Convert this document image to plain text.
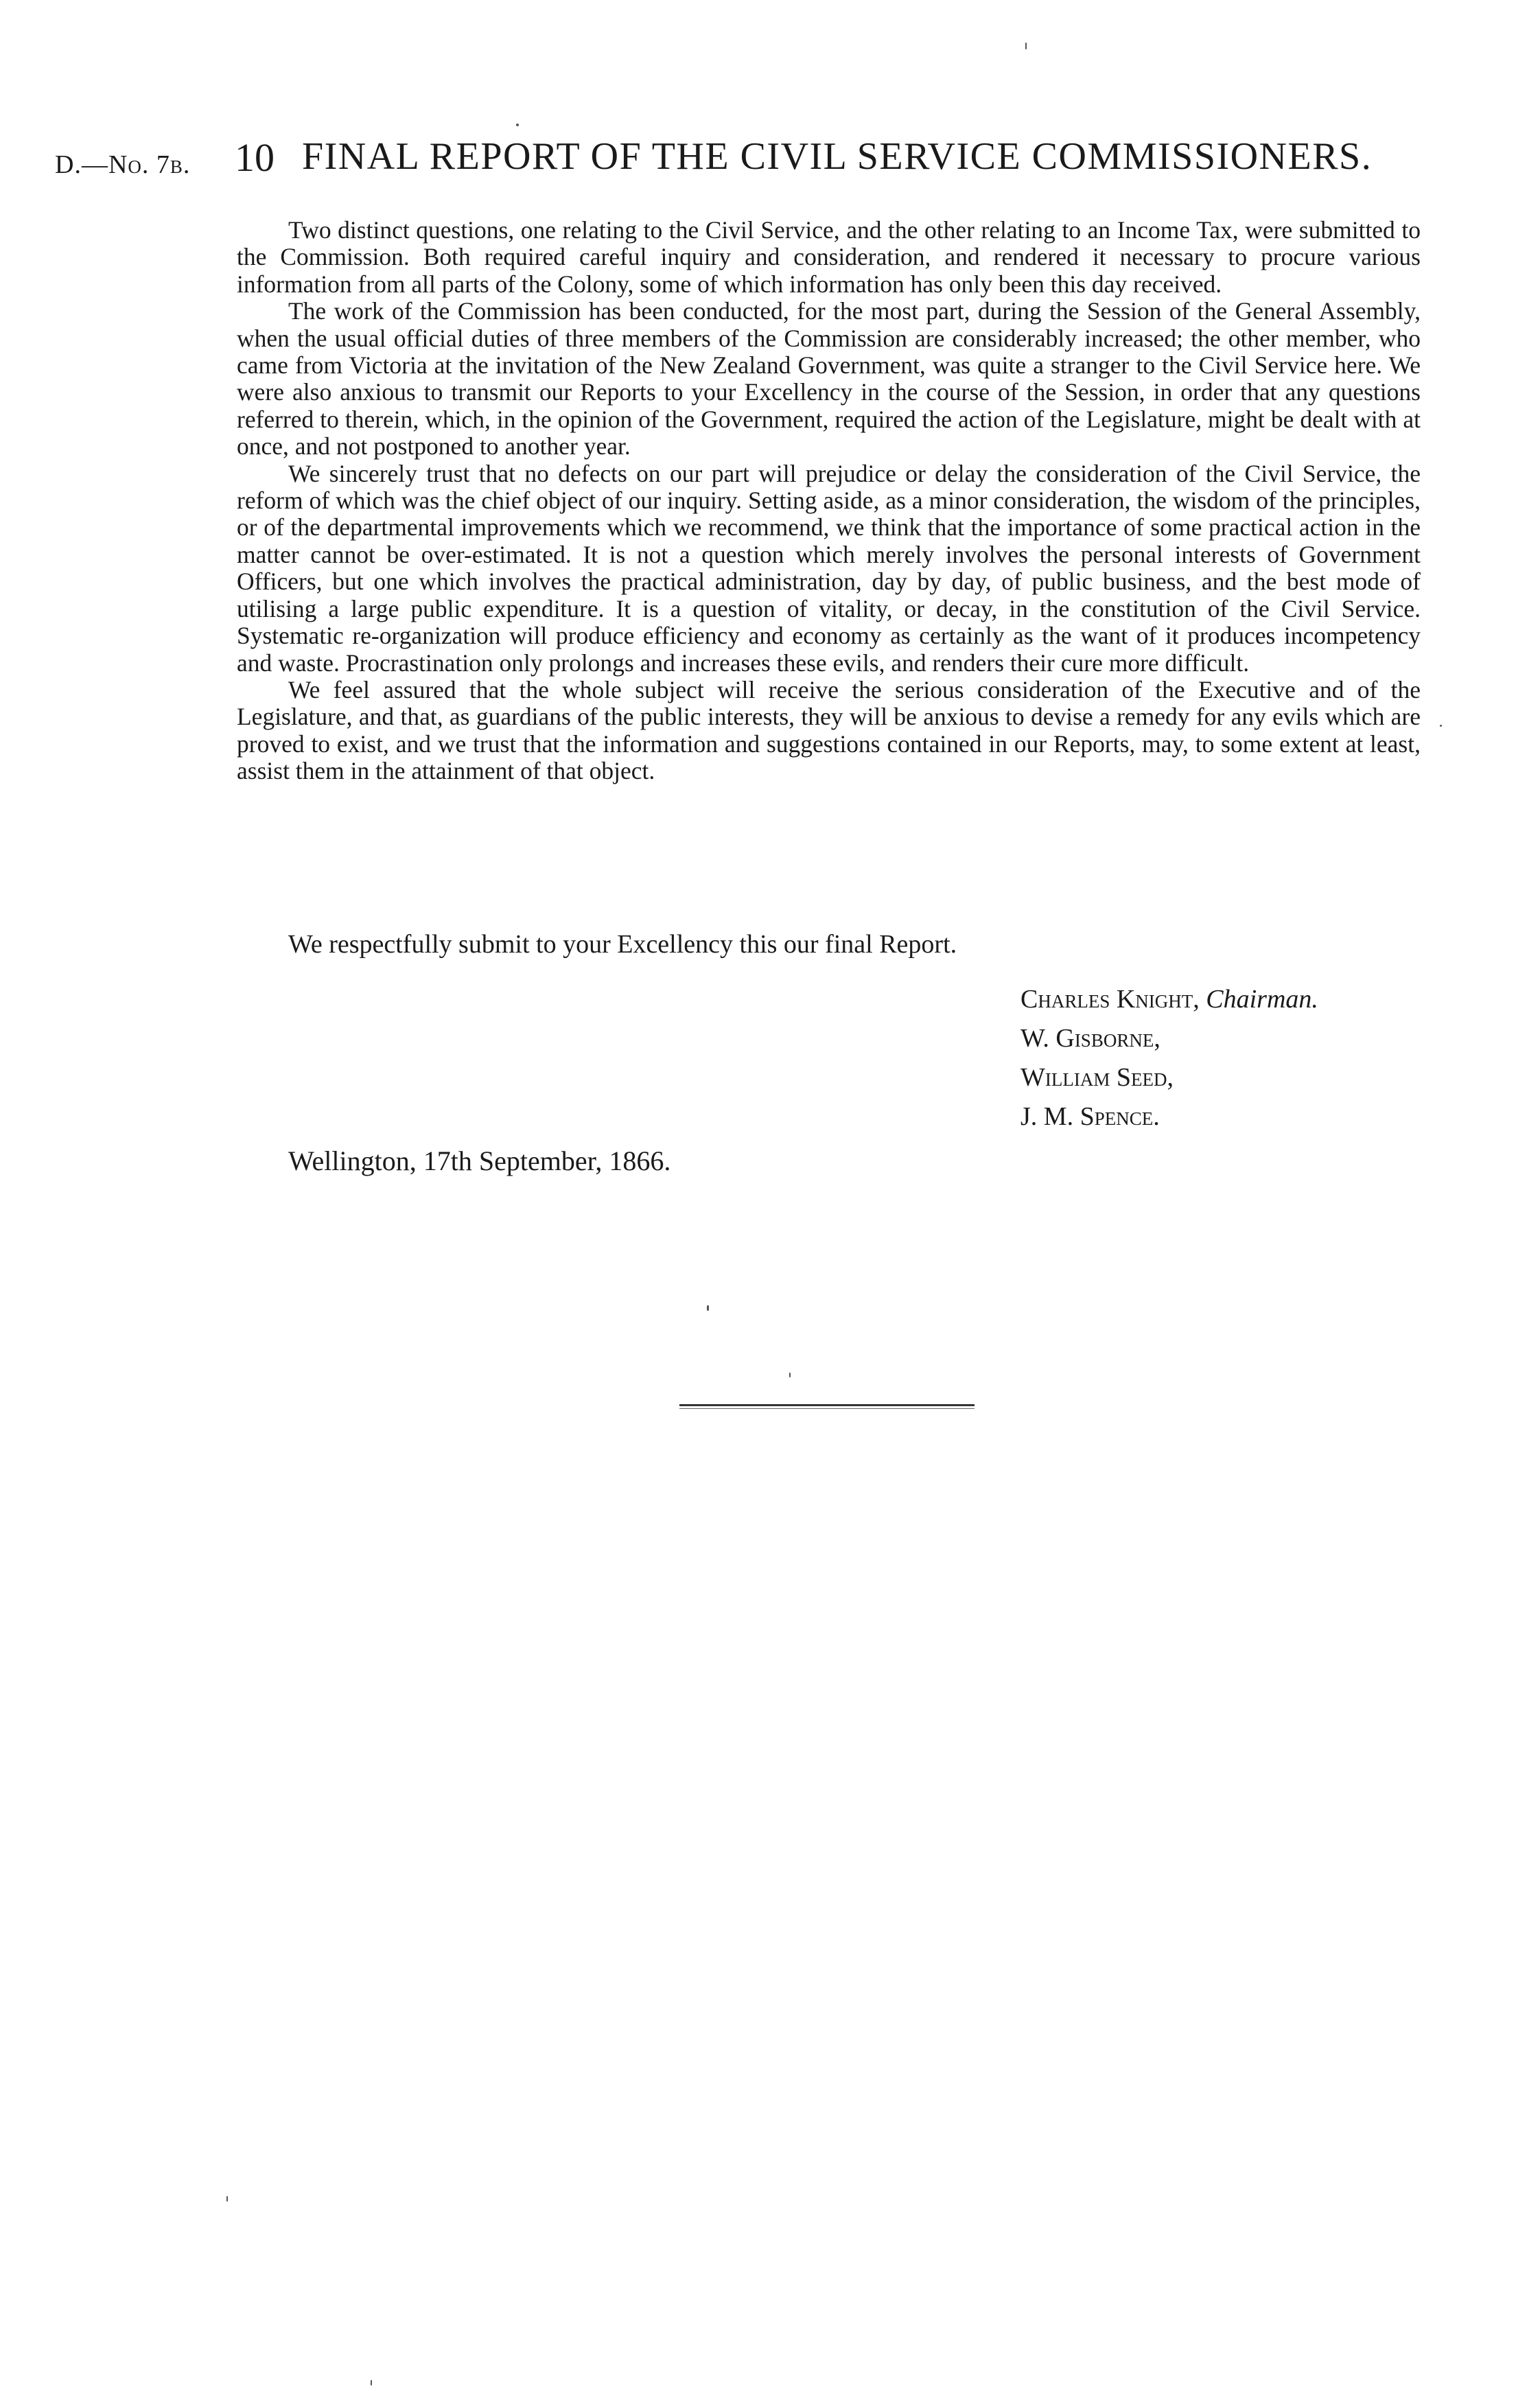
D.—No. 7b. 10 FINAL REPORT OF THE CIVIL SERVICE COMMISSIONERS.

Two distinct questions, one relating to the Civil Service, and the other relating to an Income Tax, were submitted to the Commission. Both required careful inquiry and consideration, and rendered it necessary to procure various information from all parts of the Colony, some of which information has only been this day received.

The work of the Commission has been conducted, for the most part, during the Session of the General Assembly, when the usual official duties of three members of the Commission are considerably increased; the other member, who came from Victoria at the invitation of the New Zealand Government, was quite a stranger to the Civil Service here. We were also anxious to transmit our Reports to your Excellency in the course of the Session, in order that any questions referred to therein, which, in the opinion of the Government, required the action of the Legislature, might be dealt with at once, and not postponed to another year.

We sincerely trust that no defects on our part will prejudice or delay the consideration of the Civil Service, the reform of which was the chief object of our inquiry. Setting aside, as a minor consideration, the wisdom of the principles, or of the departmental improvements which we recommend, we think that the importance of some practical action in the matter cannot be over-estimated. It is not a question which merely involves the personal interests of Government Officers, but one which involves the practical administration, day by day, of public business, and the best mode of utilising a large public expenditure. It is a question of vitality, or decay, in the constitution of the Civil Service. Systematic re-organization will produce efficiency and economy as certainly as the want of it produces incompetency and waste. Procrastination only prolongs and increases these evils, and renders their cure more difficult.

We feel assured that the whole subject will receive the serious consideration of the Executive and of the Legislature, and that, as guardians of the public interests, they will be anxious to devise a remedy for any evils which are proved to exist, and we trust that the information and suggestions contained in our Reports, may, to some extent at least, assist them in the attainment of that object.

We respectfully submit to your Excellency this our final Report.
Charles Knight, Chairman.
W. Gisborne,
William Seed,
J. M. Spence.
Wellington, 17th September, 1866.
